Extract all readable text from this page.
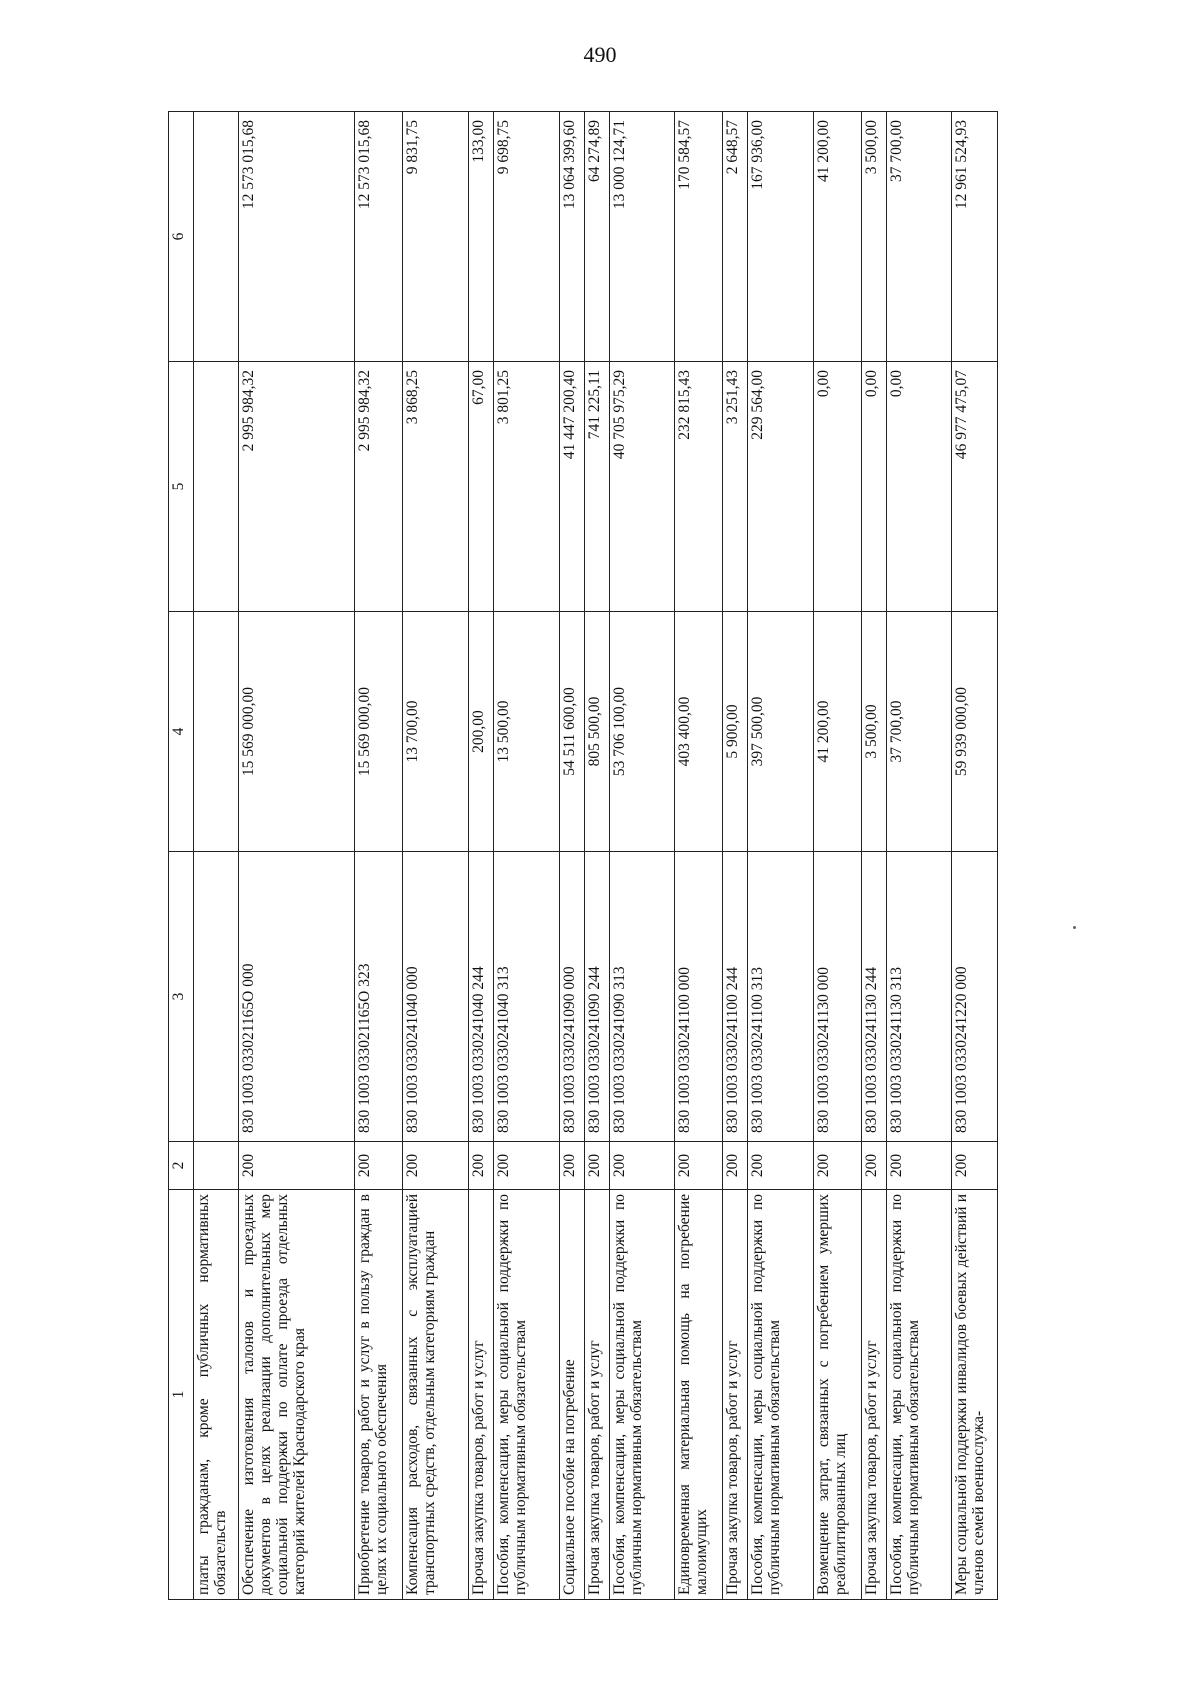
490
1	2	3	4	5	6
платы гражданам, кроме публичных нормативных обязательств					
Обеспечение изготовления талонов и проездных документов в целях реализации дополнительных мер социальной поддержки по оплате проезда отдельных категорий жителей Краснодарского края	200	830 1003 033021165O 000	15 569 000,00	2 995 984,32	12 573 015,68
Приобретение товаров, работ и услуг в пользу граждан в целях их социального обеспечения	200	830 1003 033021165O 323	15 569 000,00	2 995 984,32	12 573 015,68
Компенсация расходов, связанных с эксплуатацией транспортных средств, отдельным категориям граждан	200	830 1003 0330241040 000	13 700,00	3 868,25	9 831,75
Прочая закупка товаров, работ и услуг	200	830 1003 0330241040 244	200,00	67,00	133,00
Пособия, компенсации, меры социальной поддержки по публичным нормативным обязательствам	200	830 1003 0330241040 313	13 500,00	3 801,25	9 698,75
Социальное пособие на погребение	200	830 1003 0330241090 000	54 511 600,00	41 447 200,40	13 064 399,60
Прочая закупка товаров, работ и услуг	200	830 1003 0330241090 244	805 500,00	741 225,11	64 274,89
Пособия, компенсации, меры социальной поддержки по публичным нормативным обязательствам	200	830 1003 0330241090 313	53 706 100,00	40 705 975,29	13 000 124,71
Единовременная материальная помощь на погребение малоимущих	200	830 1003 0330241100 000	403 400,00	232 815,43	170 584,57
Прочая закупка товаров, работ и услуг	200	830 1003 0330241100 244	5 900,00	3 251,43	2 648,57
Пособия, компенсации, меры социальной поддержки по публичным нормативным обязательствам	200	830 1003 0330241100 313	397 500,00	229 564,00	167 936,00
Возмещение затрат, связанных с погребением умерших реабилитированных лиц	200	830 1003 0330241130 000	41 200,00	0,00	41 200,00
Прочая закупка товаров, работ и услуг	200	830 1003 0330241130 244	3 500,00	0,00	3 500,00
Пособия, компенсации, меры социальной поддержки по публичным нормативным обязательствам	200	830 1003 0330241130 313	37 700,00	0,00	37 700,00
Меры социальной поддержки инвалидов боевых действий и членов семей военнослужа-	200	830 1003 0330241220 000	59 939 000,00	46 977 475,07	12 961 524,93
